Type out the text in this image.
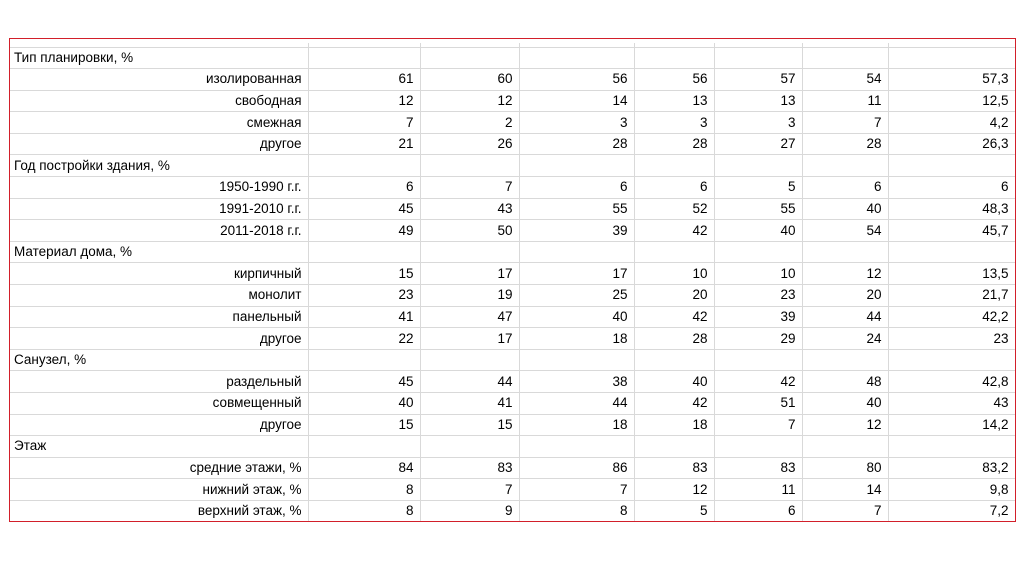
Тип планировки, %							
изолированная	61	60	56	56	57	54	57,3
свободная	12	12	14	13	13	11	12,5
смежная	7	2	3	3	3	7	4,2
другое	21	26	28	28	27	28	26,3
Год постройки здания, %							
1950-1990 г.г.	6	7	6	6	5	6	6
1991-2010 г.г.	45	43	55	52	55	40	48,3
2011-2018 г.г.	49	50	39	42	40	54	45,7
Материал дома, %							
кирпичный	15	17	17	10	10	12	13,5
монолит	23	19	25	20	23	20	21,7
панельный	41	47	40	42	39	44	42,2
другое	22	17	18	28	29	24	23
Санузел, %							
раздельный	45	44	38	40	42	48	42,8
совмещенный	40	41	44	42	51	40	43
другое	15	15	18	18	7	12	14,2
Этаж							
средние этажи, %	84	83	86	83	83	80	83,2
нижний этаж, %	8	7	7	12	11	14	9,8
верхний этаж, %	8	9	8	5	6	7	7,2
